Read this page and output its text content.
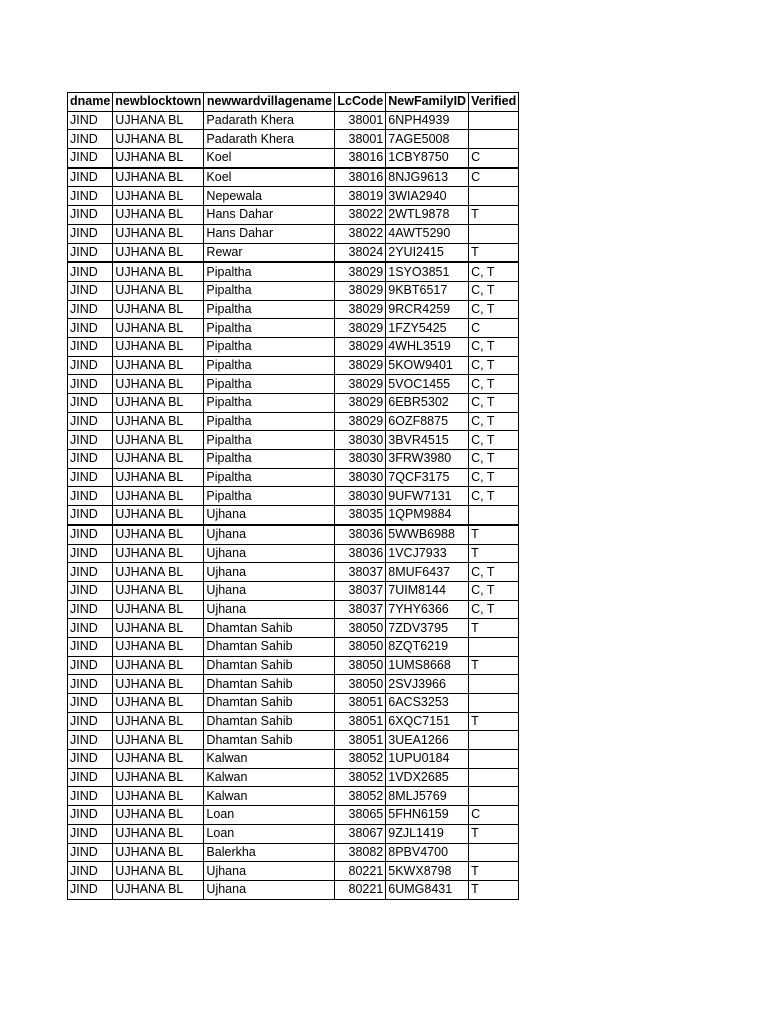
dname	newblocktown	newwardvillagename	LcCode	NewFamilyID	Verified
JIND	UJHANA BL	Padarath Khera	38001	6NPH4939	
JIND	UJHANA BL	Padarath Khera	38001	7AGE5008	
JIND	UJHANA BL	Koel	38016	1CBY8750	C
JIND	UJHANA BL	Koel	38016	8NJG9613	C
JIND	UJHANA BL	Nepewala	38019	3WIA2940	
JIND	UJHANA BL	Hans Dahar	38022	2WTL9878	T
JIND	UJHANA BL	Hans Dahar	38022	4AWT5290	
JIND	UJHANA BL	Rewar	38024	2YUI2415	T
JIND	UJHANA BL	Pipaltha	38029	1SYO3851	C, T
JIND	UJHANA BL	Pipaltha	38029	9KBT6517	C, T
JIND	UJHANA BL	Pipaltha	38029	9RCR4259	C, T
JIND	UJHANA BL	Pipaltha	38029	1FZY5425	C
JIND	UJHANA BL	Pipaltha	38029	4WHL3519	C, T
JIND	UJHANA BL	Pipaltha	38029	5KOW9401	C, T
JIND	UJHANA BL	Pipaltha	38029	5VOC1455	C, T
JIND	UJHANA BL	Pipaltha	38029	6EBR5302	C, T
JIND	UJHANA BL	Pipaltha	38029	6OZF8875	C, T
JIND	UJHANA BL	Pipaltha	38030	3BVR4515	C, T
JIND	UJHANA BL	Pipaltha	38030	3FRW3980	C, T
JIND	UJHANA BL	Pipaltha	38030	7QCF3175	C, T
JIND	UJHANA BL	Pipaltha	38030	9UFW7131	C, T
JIND	UJHANA BL	Ujhana	38035	1QPM9884	
JIND	UJHANA BL	Ujhana	38036	5WWB6988	T
JIND	UJHANA BL	Ujhana	38036	1VCJ7933	T
JIND	UJHANA BL	Ujhana	38037	8MUF6437	C, T
JIND	UJHANA BL	Ujhana	38037	7UIM8144	C, T
JIND	UJHANA BL	Ujhana	38037	7YHY6366	C, T
JIND	UJHANA BL	Dhamtan Sahib	38050	7ZDV3795	T
JIND	UJHANA BL	Dhamtan Sahib	38050	8ZQT6219	
JIND	UJHANA BL	Dhamtan Sahib	38050	1UMS8668	T
JIND	UJHANA BL	Dhamtan Sahib	38050	2SVJ3966	
JIND	UJHANA BL	Dhamtan Sahib	38051	6ACS3253	
JIND	UJHANA BL	Dhamtan Sahib	38051	6XQC7151	T
JIND	UJHANA BL	Dhamtan Sahib	38051	3UEA1266	
JIND	UJHANA BL	Kalwan	38052	1UPU0184	
JIND	UJHANA BL	Kalwan	38052	1VDX2685	
JIND	UJHANA BL	Kalwan	38052	8MLJ5769	
JIND	UJHANA BL	Loan	38065	5FHN6159	C
JIND	UJHANA BL	Loan	38067	9ZJL1419	T
JIND	UJHANA BL	Balerkha	38082	8PBV4700	
JIND	UJHANA BL	Ujhana	80221	5KWX8798	T
JIND	UJHANA BL	Ujhana	80221	6UMG8431	T
